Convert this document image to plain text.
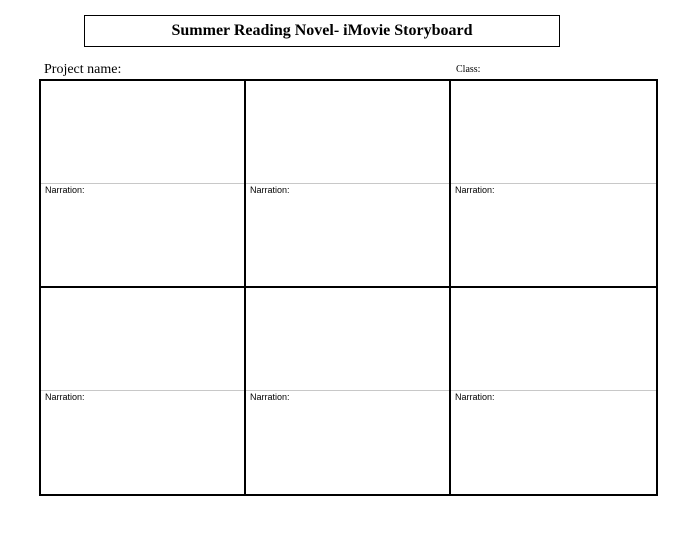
Summer Reading Novel- iMovie Storyboard
Project name:	Class:
Narration:	Narration:	Narration:
Narration:	Narration:	Narration:
